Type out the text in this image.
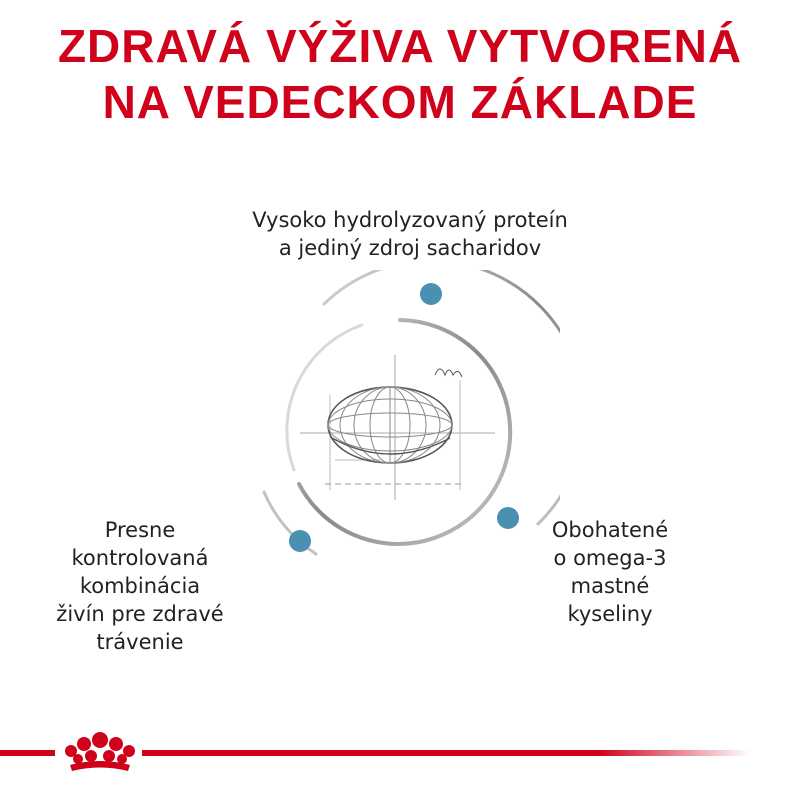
ZDRAVÁ VÝŽIVA VYTVORENÁ
NA VEDECKOM ZÁKLADE
Vysoko hydrolyzovaný proteín
a jediný zdroj sacharidov
Presne
kontrolovaná
kombinácia
živín pre zdravé
trávenie
Obohatené
o omega-3
mastné
kyseliny
